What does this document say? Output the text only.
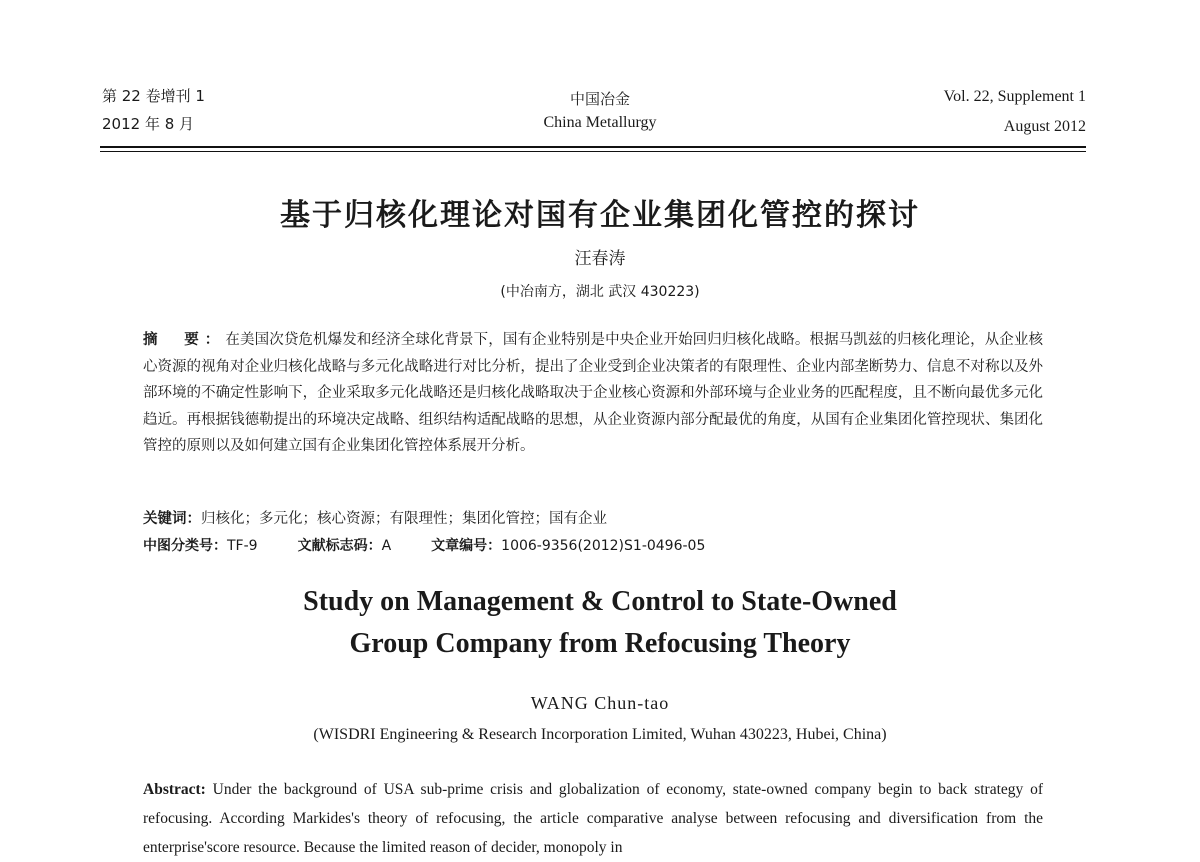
第 22 卷增刊 1
2012 年 8 月
中国冶金
China Metallurgy
Vol. 22, Supplement 1
August 2012
基于归核化理论对国有企业集团化管控的探讨
汪春涛
(中冶南方，湖北 武汉 430223)
摘　要：在美国次贷危机爆发和经济全球化背景下，国有企业特别是中央企业开始回归归核化战略。根据马凯兹的归核化理论，从企业核心资源的视角对企业归核化战略与多元化战略进行对比分析，提出了企业受到企业决策者的有限理性、企业内部垄断势力、信息不对称以及外部环境的不确定性影响下，企业采取多元化战略还是归核化战略取决于企业核心资源和外部环境与企业业务的匹配程度，且不断向最优多元化趋近。再根据钱德勒提出的环境决定战略、组织结构适配战略的思想，从企业资源内部分配最优的角度，从国有企业集团化管控现状、集团化管控的原则以及如何建立国有企业集团化管控体系展开分析。
关键词：归核化；多元化；核心资源；有限理性；集团化管控；国有企业
中图分类号：TF-9	文献标志码：A	文章编号：1006-9356(2012)S1-0496-05
Study on Management & Control to State-Owned
Group Company from Refocusing Theory
WANG Chun-tao
(WISDRI Engineering & Research Incorporation Limited, Wuhan 430223, Hubei, China)
Abstract: Under the background of USA sub-prime crisis and globalization of economy, state-owned company begin to back strategy of refocusing. According Markides's theory of refocusing, the article comparative analyse between refocusing and diversification from the enterprise'score resource. Because the limited reason of decider, monopoly in
